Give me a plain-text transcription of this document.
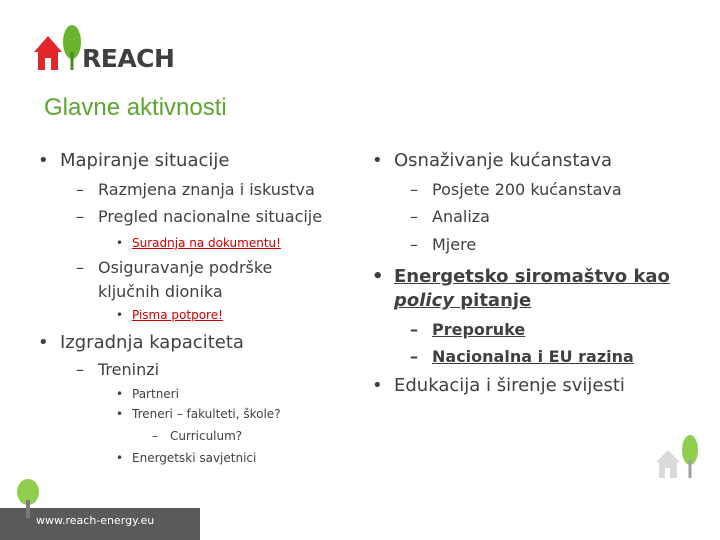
REACH
Glavne aktivnosti
• Mapiranje situacije
– Razmjena znanja i iskustva
– Pregled nacionalne situacije
• Suradnja na dokumentu!
– Osiguravanje podrške
ključnih dionika
• Pisma potpore!
• Izgradnja kapaciteta
– Treninzi
• Partneri
• Treneri – fakulteti, škole?
– Curriculum?
• Energetski savjetnici
• Osnaživanje kućanstava
– Posjete 200 kućanstava
– Analiza
– Mjere
• Energetsko siromaštvo kao
policy pitanje
– Preporuke
– Nacionalna i EU razina
• Edukacija i širenje svijesti
www.reach-energy.eu
